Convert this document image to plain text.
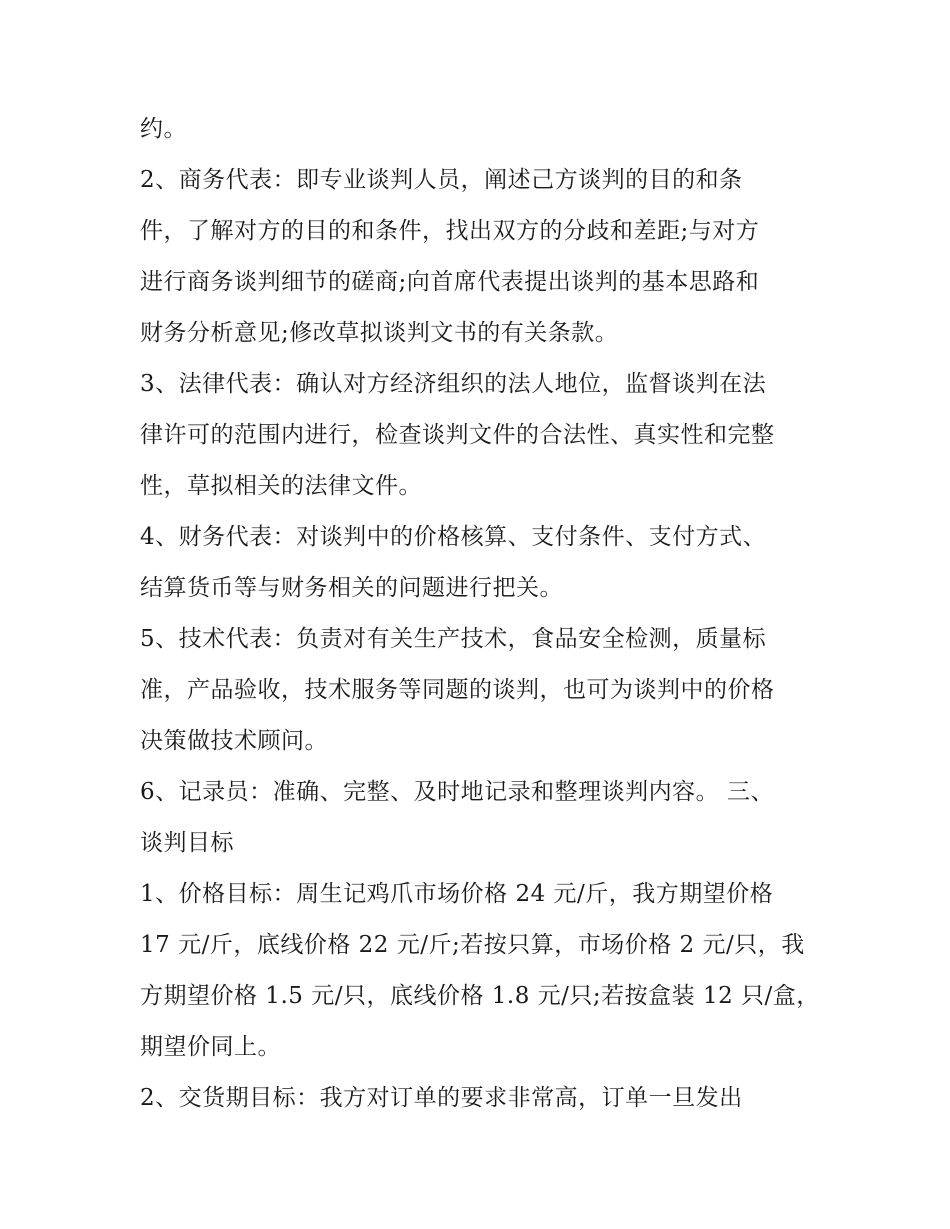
约。
2、商务代表：即专业谈判人员，阐述己方谈判的目的和条
件，了解对方的目的和条件，找出双方的分歧和差距;与对方
进行商务谈判细节的磋商;向首席代表提出谈判的基本思路和
财务分析意见;修改草拟谈判文书的有关条款。
3、法律代表：确认对方经济组织的法人地位，监督谈判在法
律许可的范围内进行，检查谈判文件的合法性、真实性和完整
性，草拟相关的法律文件。
4、财务代表：对谈判中的价格核算、支付条件、支付方式、
结算货币等与财务相关的问题进行把关。
5、技术代表：负责对有关生产技术，食品安全检测，质量标
准，产品验收，技术服务等同题的谈判，也可为谈判中的价格
决策做技术顾问。
6、记录员：准确、完整、及时地记录和整理谈判内容。 三、
谈判目标
1、价格目标：周生记鸡爪市场价格 24 元/斤，我方期望价格
17 元/斤，底线价格 22 元/斤;若按只算，市场价格 2 元/只，我
方期望价格 1.5 元/只，底线价格 1.8 元/只;若按盒装 12 只/盒，
期望价同上。
2、交货期目标：我方对订单的要求非常高，订单一旦发出
